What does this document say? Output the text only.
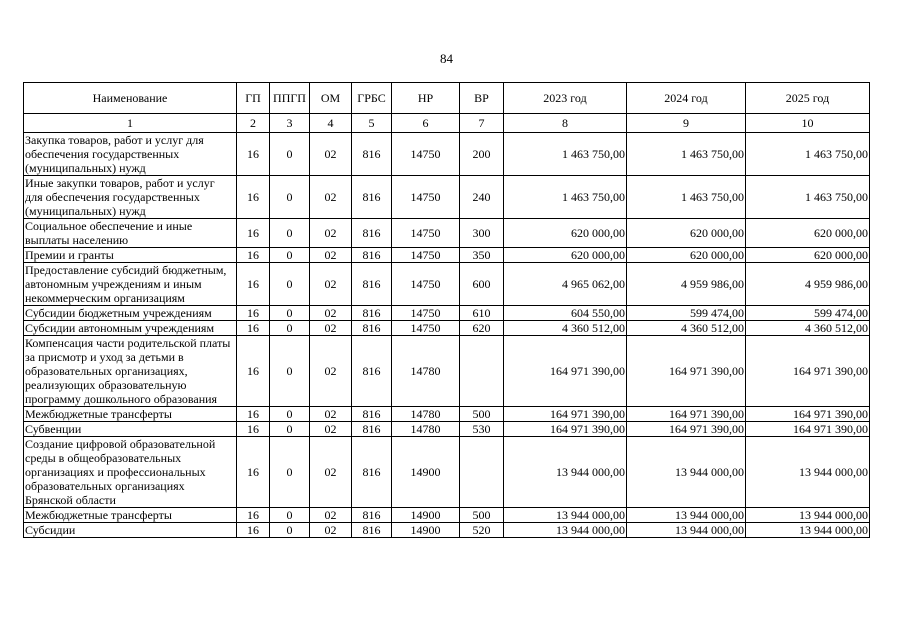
84
Наименование	ГП	ППГП	ОМ	ГРБС	НР	ВР	2023 год	2024 год	2025 год
1	2	3	4	5	6	7	8	9	10
Закупка товаров, работ и услуг для обеспечения государственных (муниципальных) нужд	16	0	02	816	14750	200	1 463 750,00	1 463 750,00	1 463 750,00
Иные закупки товаров, работ и услуг для обеспечения государственных (муниципальных) нужд	16	0	02	816	14750	240	1 463 750,00	1 463 750,00	1 463 750,00
Социальное обеспечение и иные выплаты населению	16	0	02	816	14750	300	620 000,00	620 000,00	620 000,00
Премии и гранты	16	0	02	816	14750	350	620 000,00	620 000,00	620 000,00
Предоставление субсидий бюджетным, автономным учреждениям и иным некоммерческим организациям	16	0	02	816	14750	600	4 965 062,00	4 959 986,00	4 959 986,00
Субсидии бюджетным учреждениям	16	0	02	816	14750	610	604 550,00	599 474,00	599 474,00
Субсидии автономным учреждениям	16	0	02	816	14750	620	4 360 512,00	4 360 512,00	4 360 512,00
Компенсация части родительской платы за присмотр и уход за детьми в образовательных организациях, реализующих образовательную программу дошкольного образования	16	0	02	816	14780		164 971 390,00	164 971 390,00	164 971 390,00
Межбюджетные трансферты	16	0	02	816	14780	500	164 971 390,00	164 971 390,00	164 971 390,00
Субвенции	16	0	02	816	14780	530	164 971 390,00	164 971 390,00	164 971 390,00
Создание цифровой образовательной среды в общеобразовательных организациях и профессиональных образовательных организациях Брянской области	16	0	02	816	14900		13 944 000,00	13 944 000,00	13 944 000,00
Межбюджетные трансферты	16	0	02	816	14900	500	13 944 000,00	13 944 000,00	13 944 000,00
Субсидии	16	0	02	816	14900	520	13 944 000,00	13 944 000,00	13 944 000,00
